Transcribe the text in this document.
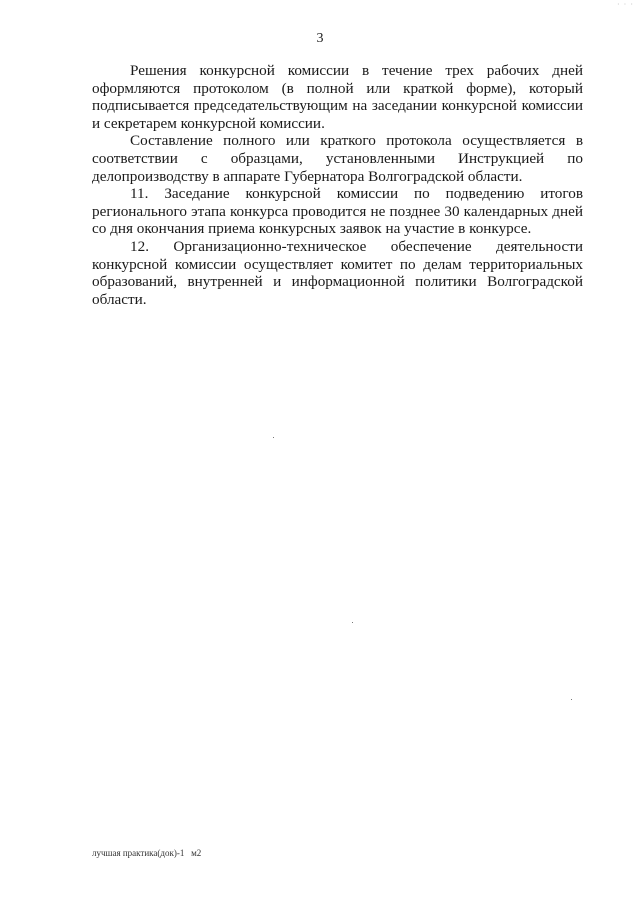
· · ·
3

Решения конкурсной комиссии в течение трех рабочих дней оформляются протоколом (в полной или краткой форме), который подписывается председательствующим на заседании конкурсной комиссии и секретарем конкурсной комиссии.

Составление полного или краткого протокола осуществляется в соответствии с образцами, установленными Инструкцией по делопроизводству в аппарате Губернатора Волгоградской области.

11. Заседание конкурсной комиссии по подведению итогов регионального этапа конкурса проводится не позднее 30 календарных дней со дня окончания приема конкурсных заявок на участие в конкурсе.

12. Организационно-техническое обеспечение деятельности конкурсной комиссии осуществляет комитет по делам территориальных образований, внутренней и информационной политики Волгоградской области.

лучшая практика(док)-1 м2
